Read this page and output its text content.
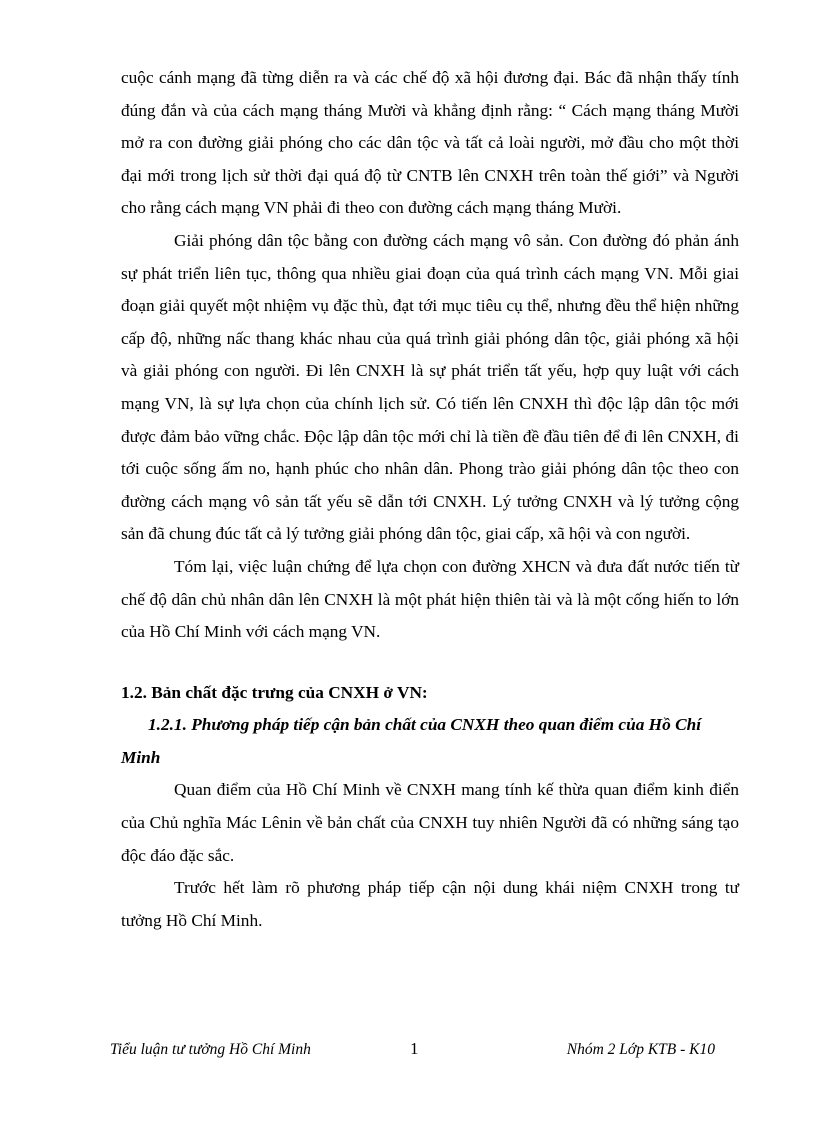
cuộc cánh mạng đã từng diễn ra và các chế độ xã hội đương đại. Bác đã nhận thấy tính đúng đắn và của cách mạng tháng Mười và khẳng định rằng: “ Cách mạng tháng Mười mở ra con đường giải phóng cho các dân tộc và tất cả loài người, mở đầu cho một thời đại mới trong lịch sử thời đại quá độ từ CNTB lên CNXH trên toàn thế giới” và Người cho rằng cách mạng VN phải đi theo con đường cách mạng tháng Mười.

Giải phóng dân tộc bằng con đường cách mạng vô sản. Con đường đó phản ánh sự phát triển liên tục, thông qua nhiều giai đoạn của quá trình cách mạng VN. Mỗi giai đoạn giải quyết một nhiệm vụ đặc thù, đạt tới mục tiêu cụ thể, nhưng đều thể hiện những cấp độ, những nấc thang khác nhau của quá trình giải phóng dân tộc, giải phóng xã hội và giải phóng con người. Đi lên CNXH là sự phát triển tất yếu, hợp quy luật với cách mạng VN, là sự lựa chọn của chính lịch sử. Có tiến lên CNXH thì độc lập dân tộc mới được đảm bảo vững chắc. Độc lập dân tộc mới chỉ là tiền đề đầu tiên để đi lên CNXH, đi tới cuộc sống ấm no, hạnh phúc cho nhân dân. Phong trào giải phóng dân tộc theo con đường cách mạng vô sản tất yếu sẽ dẫn tới CNXH. Lý tưởng CNXH và lý tưởng cộng sản đã chung đúc tất cả lý tưởng giải phóng dân tộc, giai cấp, xã hội và con người.

Tóm lại, việc luận chứng để lựa chọn con đường XHCN và đưa đất nước tiến từ chế độ dân chủ nhân dân lên CNXH là một phát hiện thiên tài và là một cống hiến to lớn của Hồ Chí Minh với cách mạng VN.

1.2. Bản chất đặc trưng của CNXH ở VN:

1.2.1. Phương pháp tiếp cận bản chất của CNXH theo quan điểm của Hồ Chí Minh

Quan điểm của Hồ Chí Minh về CNXH mang tính kế thừa quan điểm kinh điển của Chủ nghĩa Mác Lênin về bản chất của CNXH tuy nhiên Người đã có những sáng tạo độc đáo đặc sắc.

Trước hết làm rõ phương pháp tiếp cận nội dung khái niệm CNXH trong tư tưởng Hồ Chí Minh.

Tiểu luận tư tưởng Hồ Chí Minh	1	Nhóm 2 Lớp KTB - K10
